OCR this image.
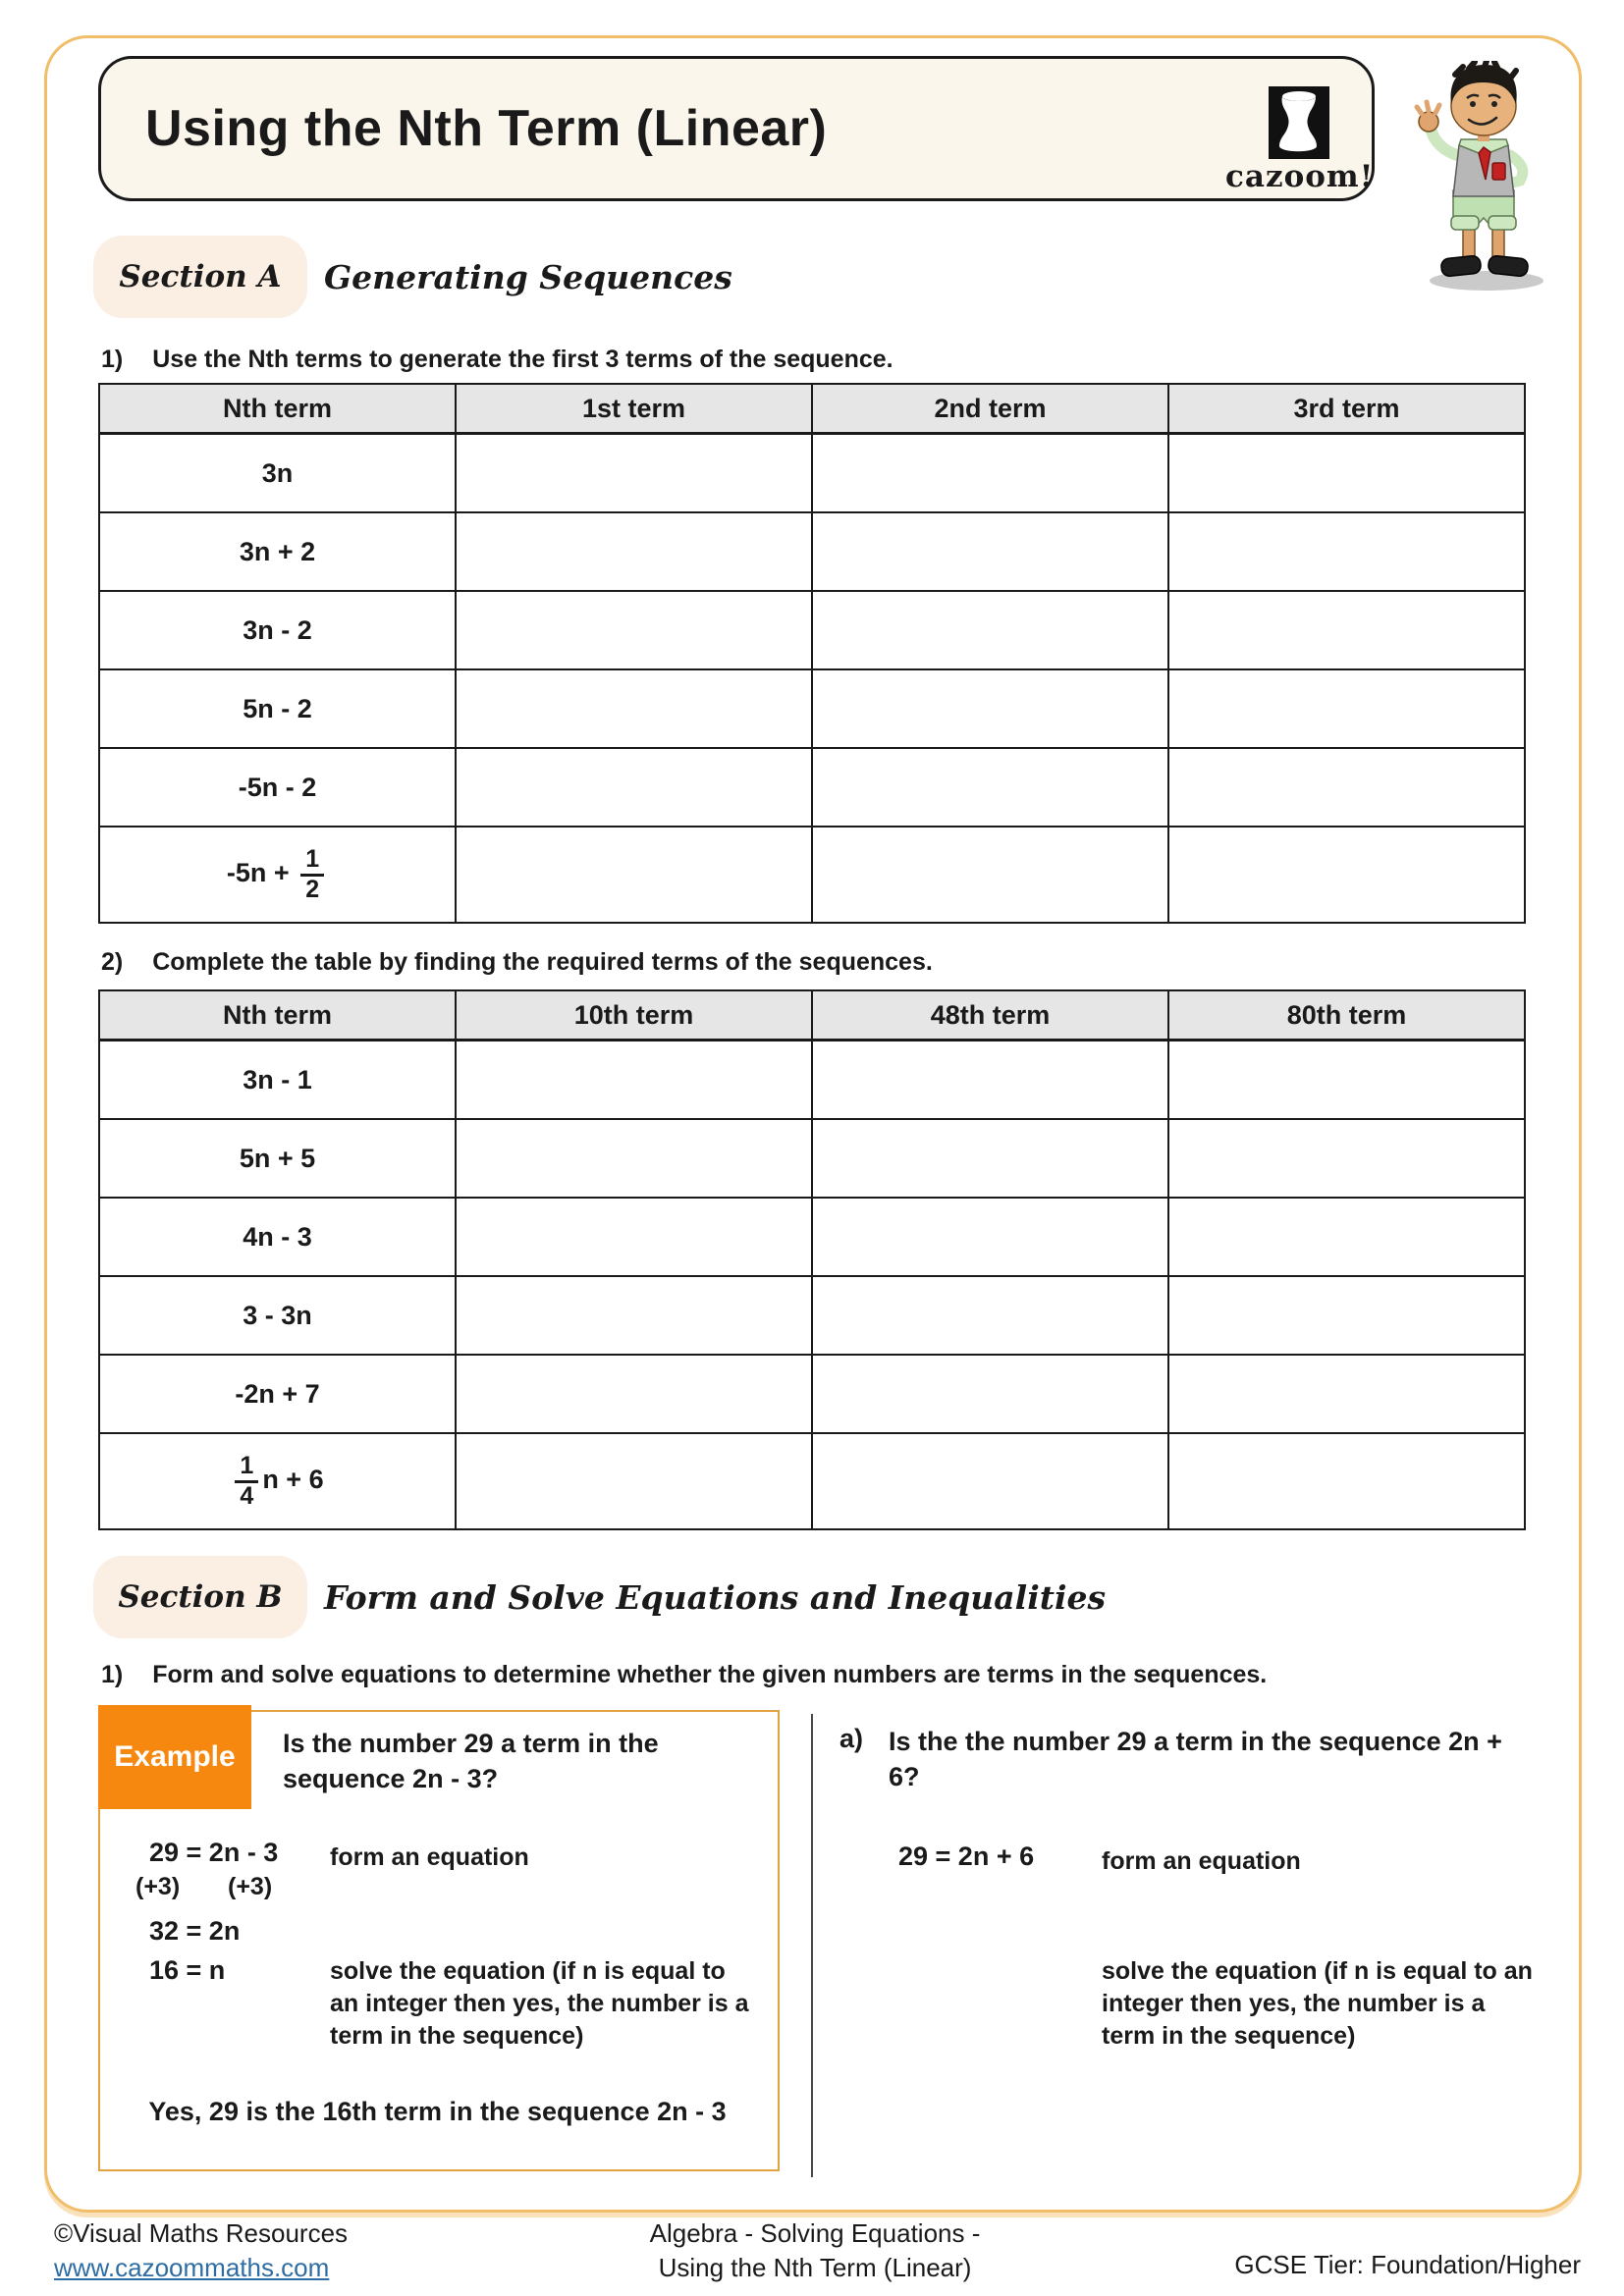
Using the Nth Term (Linear)
cazoom!
Section A Generating Sequences
1) Use the Nth terms to generate the first 3 terms of the sequence.
Nth term	1st term	2nd term	3rd term
3n			
3n + 2			
3n - 2			
5n - 2			
-5n - 2			
$-5n + \frac{1}{2}$

2) Complete the table by finding the required terms of the sequences.
Nth term	10th term	48th term	80th term
3n - 1			
5n + 5			
4n - 3			
3 - 3n			
-2n + 7			

$\frac{1}{4}$ n + 6			
Section B Form and Solve Equations and Inequalities
1) Form and solve equations to determine whether the given numbers are terms in the sequences.
Example	Is the number 29 a term in the sequence 2n - 3?
29 = 2n - 3 form an equation
(+3) (+3)
32 = 2n
16 = n	solve the equation (if n is equal to an integer then yes, the number is a term in the sequence)
Yes, 29 is the 16th term in the sequence 2n - 3
a) Is the the number 29 a term in the sequence 2n + 6?
29 = 2n + 6	form an equation
solve the equation (if n is equal to an integer then yes, the number is a term in the sequence)
©Visual Maths Resources
www.cazoommaths.com
Algebra - Solving Equations -
Using the Nth Term (Linear)	GCSE Tier: Foundation/Higher
